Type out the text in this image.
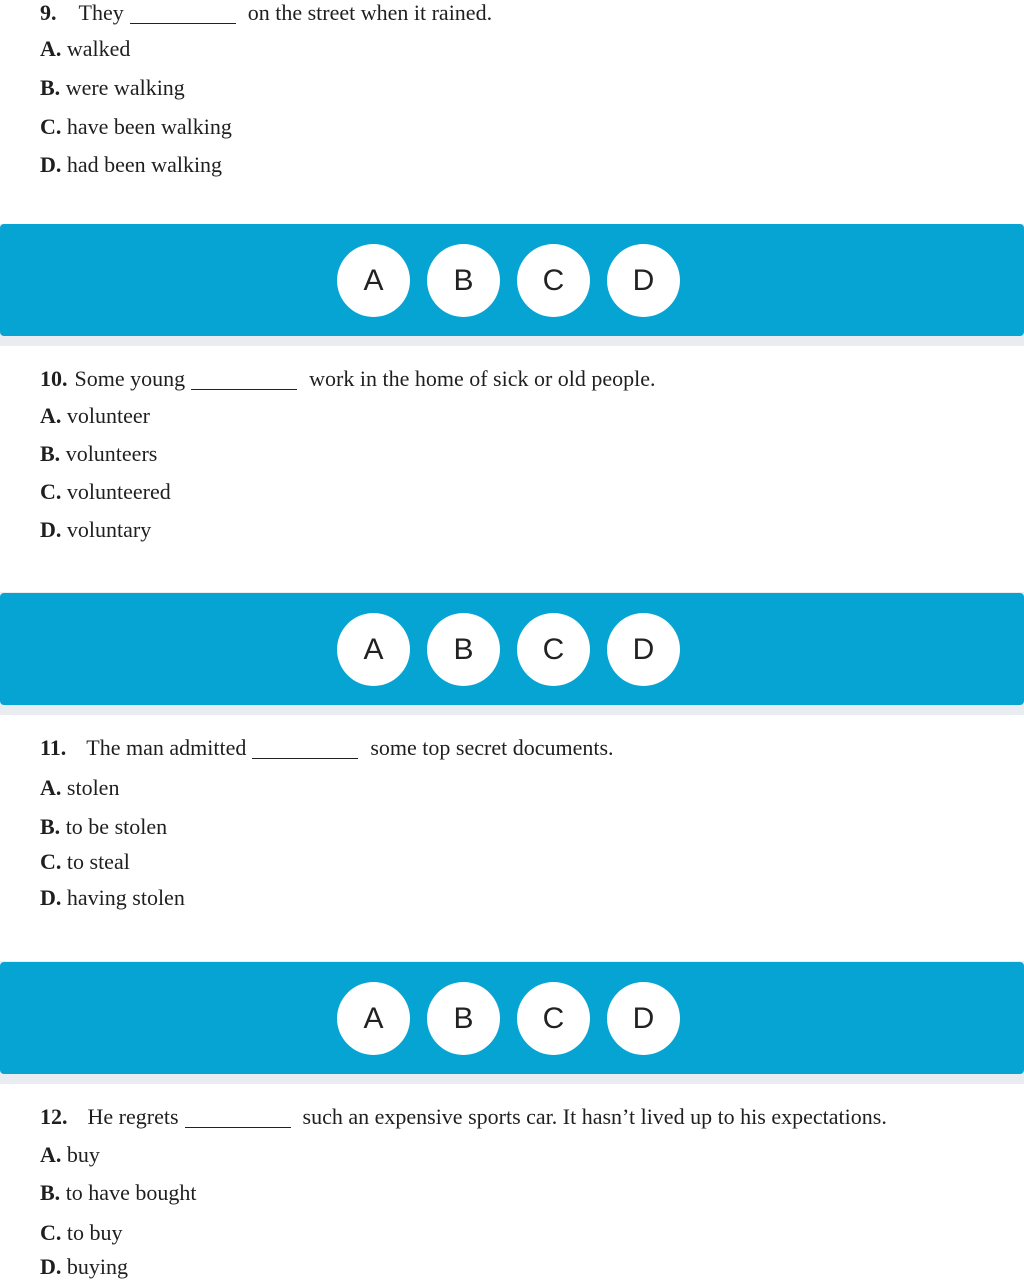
9. They	on the street when it rained.
A. walked
B. were walking
C. have been walking
D. had been walking
A	B	C	D
10. Some young	work in the home of sick or old people.
A. volunteer
B. volunteers
C. volunteered
D. voluntary
A	B	C	D
11. The man admitted	some top secret documents.
A. stolen
B. to be stolen
C. to steal
D. having stolen
A	B	C	D
12. He regrets	such an expensive sports car. It hasn’t lived up to his expectations.
A. buy
B. to have bought
C. to buy
D. buying
